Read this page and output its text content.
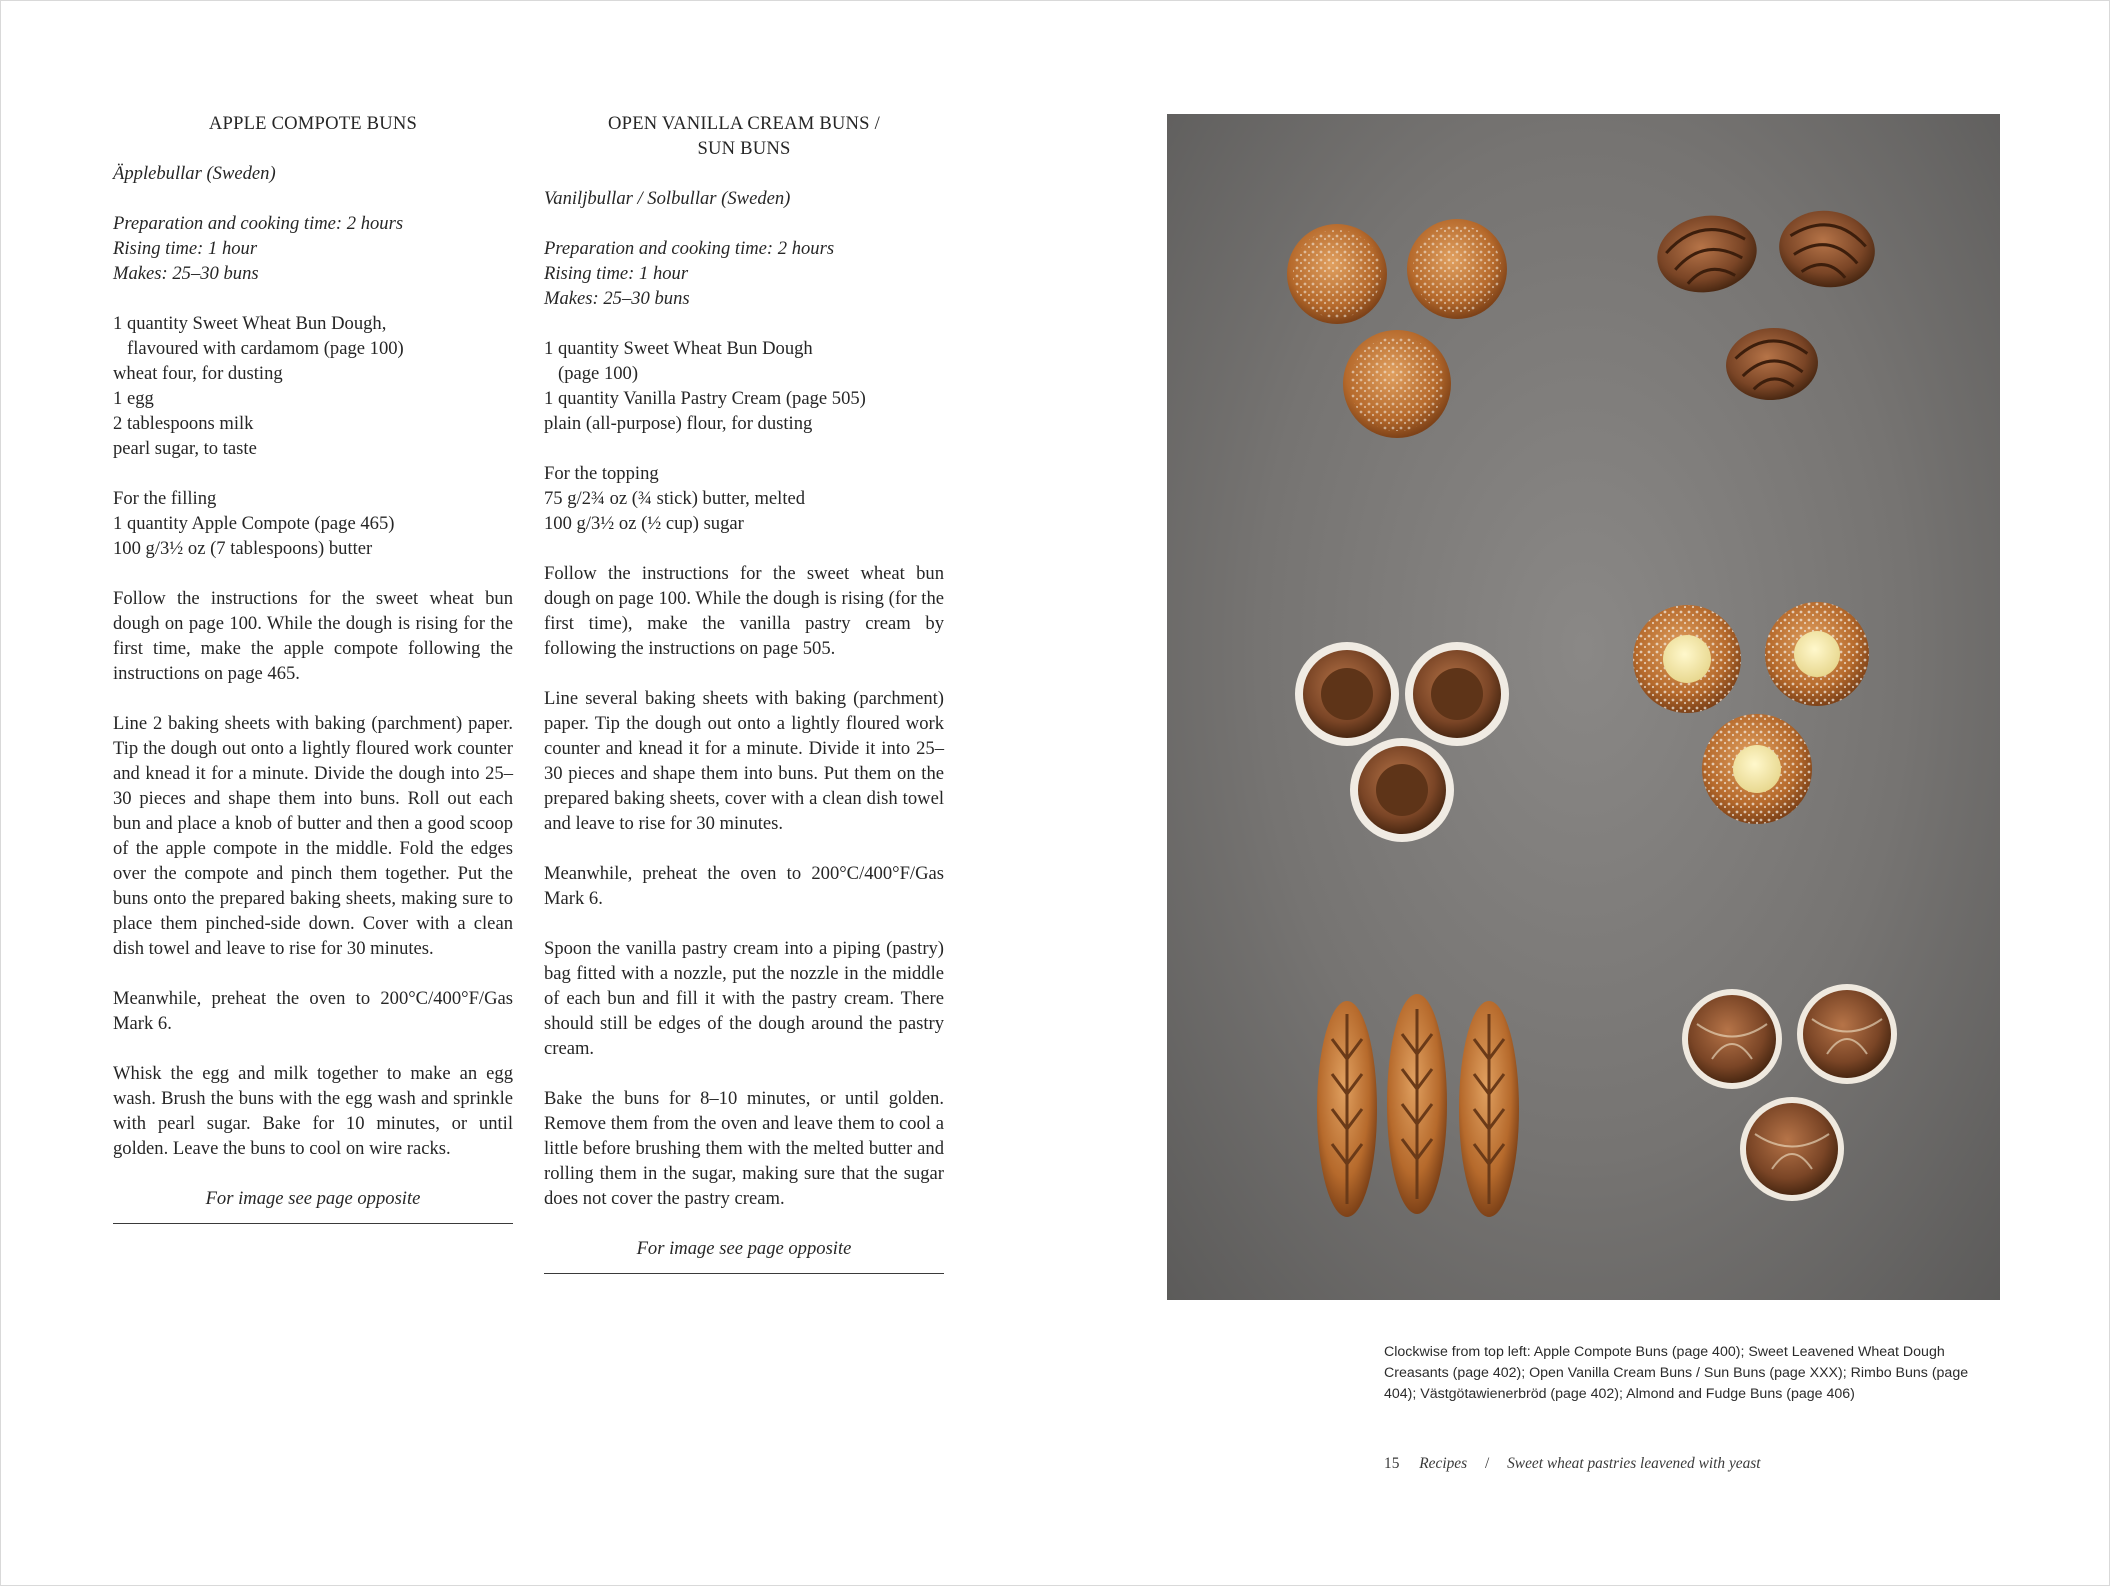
APPLE COMPOTE BUNS
Äpplebullar (Sweden)
Preparation and cooking time: 2 hours
Rising time: 1 hour
Makes: 25–30 buns
1 quantity Sweet Wheat Bun Dough,
flavoured with cardamom (page 100)
wheat four, for dusting
1 egg
2 tablespoons milk
pearl sugar, to taste
For the filling
1 quantity Apple Compote (page 465)
100 g/3½ oz (7 tablespoons) butter

Follow the instructions for the sweet wheat bun dough on page 100. While the dough is rising for the first time, make the apple compote following the instructions on page 465.

Line 2 baking sheets with baking (parchment) paper. Tip the dough out onto a lightly floured work counter and knead it for a minute. Divide the dough into 25–30 pieces and shape them into buns. Roll out each bun and place a knob of butter and then a good scoop of the apple compote in the middle. Fold the edges over the compote and pinch them together. Put the buns onto the prepared baking sheets, making sure to place them pinched-side down. Cover with a clean dish towel and leave to rise for 30 minutes.

Meanwhile, preheat the oven to 200°C/400°F/Gas Mark 6.

Whisk the egg and milk together to make an egg wash. Brush the buns with the egg wash and sprinkle with pearl sugar. Bake for 10 minutes, or until golden. Leave the buns to cool on wire racks.

For image see page opposite

OPEN VANILLA CREAM BUNS /
SUN BUNS
Vaniljbullar / Solbullar (Sweden)
Preparation and cooking time: 2 hours
Rising time: 1 hour
Makes: 25–30 buns
1 quantity Sweet Wheat Bun Dough
(page 100)
1 quantity Vanilla Pastry Cream (page 505)
plain (all-purpose) flour, for dusting
For the topping
75 g/2¾ oz (¾ stick) butter, melted
100 g/3½ oz (½ cup) sugar

Follow the instructions for the sweet wheat bun dough on page 100. While the dough is rising (for the first time), make the vanilla pastry cream by following the instructions on page 505.

Line several baking sheets with baking (parchment) paper. Tip the dough out onto a lightly floured work counter and knead it for a minute. Divide it into 25–30 pieces and shape them into buns. Put them on the prepared baking sheets, cover with a clean dish towel and leave to rise for 30 minutes.

Meanwhile, preheat the oven to 200°C/400°F/Gas Mark 6.

Spoon the vanilla pastry cream into a piping (pastry) bag fitted with a nozzle, put the nozzle in the middle of each bun and fill it with the pastry cream. There should still be edges of the dough around the pastry cream.

Bake the buns for 8–10 minutes, or until golden. Remove them from the oven and leave them to cool a little before brushing them with the melted butter and rolling them in the sugar, making sure that the sugar does not cover the pastry cream.

For image see page opposite

Clockwise from top left: Apple Compote Buns (page 400); Sweet Leavened Wheat Dough Creasants (page 402); Open Vanilla Cream Buns / Sun Buns (page XXX); Rimbo Buns (page 404); Västgötawienerbröd (page 402); Almond and Fudge Buns (page 406)
15 Recipes / Sweet wheat pastries leavened with yeast
